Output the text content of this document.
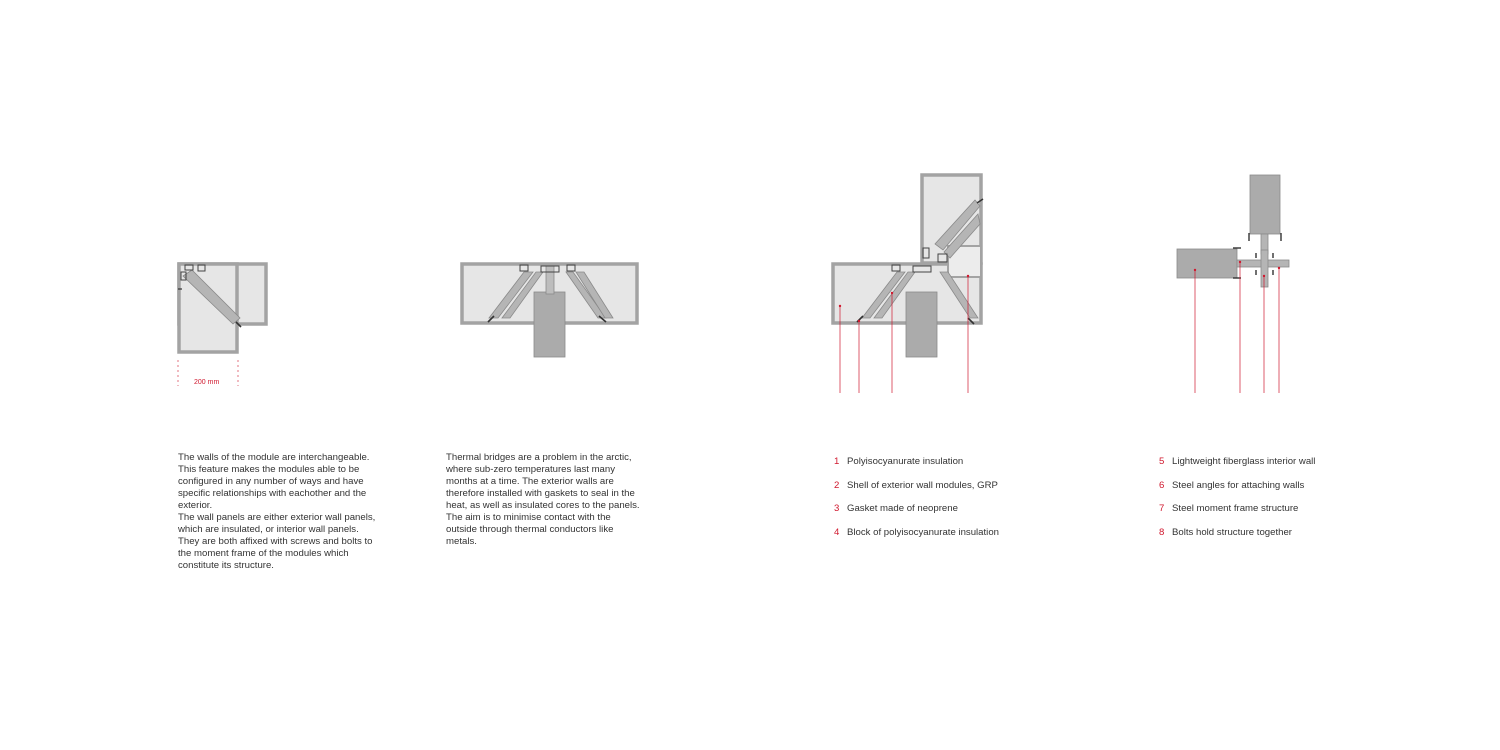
200 mm

The walls of the module are interchangeable.

This feature makes the modules able to be

configured in any number of ways and have

specific relationships with eachother and the

exterior.

The wall panels are either exterior wall panels,

which are insulated, or interior wall panels.

They are both affixed with screws and bolts to

the moment frame of the modules which

constitute its structure.

Thermal bridges are a problem in the arctic,

where sub-zero temperatures last many

months at a time. The exterior walls are

therefore installed with gaskets to seal in the

heat, as well as insulated cores to the panels.

The aim is to minimise contact with the

outside through thermal conductors like

metals.

1 Polyisocyanurate insulation
2 Shell of exterior wall modules, GRP
3 Gasket made of neoprene
4 Block of polyisocyanurate insulation
5 Lightweight fiberglass interior wall
6 Steel angles for attaching walls
7 Steel moment frame structure
8 Bolts hold structure together
